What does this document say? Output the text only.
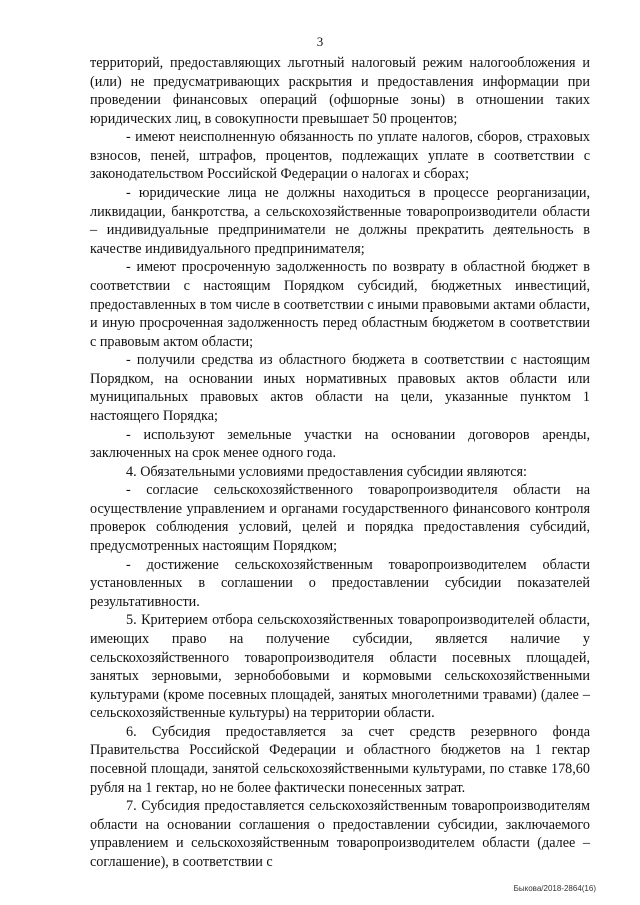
3

территорий, предоставляющих льготный налоговый режим налогообложения и (или) не предусматривающих раскрытия и предоставления информации при проведении финансовых операций (офшорные зоны) в отношении таких юридических лиц, в совокупности превышает 50 процентов;

- имеют неисполненную обязанность по уплате налогов, сборов, страховых взносов, пеней, штрафов, процентов, подлежащих уплате в соответствии с законодательством Российской Федерации о налогах и сборах;

- юридические лица не должны находиться в процессе реорганизации, ликвидации, банкротства, а сельскохозяйственные товаропроизводители области – индивидуальные предприниматели не должны прекратить деятельность в качестве индивидуального предпринимателя;

- имеют просроченную задолженность по возврату в областной бюджет в соответствии с настоящим Порядком субсидий, бюджетных инвестиций, предоставленных в том числе в соответствии с иными правовыми актами области, и иную просроченная задолженность перед областным бюджетом в соответствии с правовым актом области;

- получили средства из областного бюджета в соответствии с настоящим Порядком, на основании иных нормативных правовых актов области или муниципальных правовых актов области на цели, указанные пунктом 1 настоящего Порядка;

- используют земельные участки на основании договоров аренды, заключенных на срок менее одного года.

4. Обязательными условиями предоставления субсидии являются:

- согласие сельскохозяйственного товаропроизводителя области на осуществление управлением и органами государственного финансового контроля проверок соблюдения условий, целей и порядка предоставления субсидий, предусмотренных настоящим Порядком;

- достижение сельскохозяйственным товаропроизводителем области установленных в соглашении о предоставлении субсидии показателей результативности.

5. Критерием отбора сельскохозяйственных товаропроизводителей области, имеющих право на получение субсидии, является наличие у сельскохозяйственного товаропроизводителя области посевных площадей, занятых зерновыми, зернобобовыми и кормовыми сельскохозяйственными культурами (кроме посевных площадей, занятых многолетними травами) (далее – сельскохозяйственные культуры) на территории области.

6. Субсидия предоставляется за счет средств резервного фонда Правительства Российской Федерации и областного бюджетов на 1 гектар посевной площади, занятой сельскохозяйственными культурами, по ставке 178,60 рубля на 1 гектар, но не более фактически понесенных затрат.

7. Субсидия предоставляется сельскохозяйственным товаропроизводителям области на основании соглашения о предоставлении субсидии, заключаемого управлением и сельскохозяйственным товаропроизводителем области (далее – соглашение), в соответствии с

Быкова/2018-2864(16)
